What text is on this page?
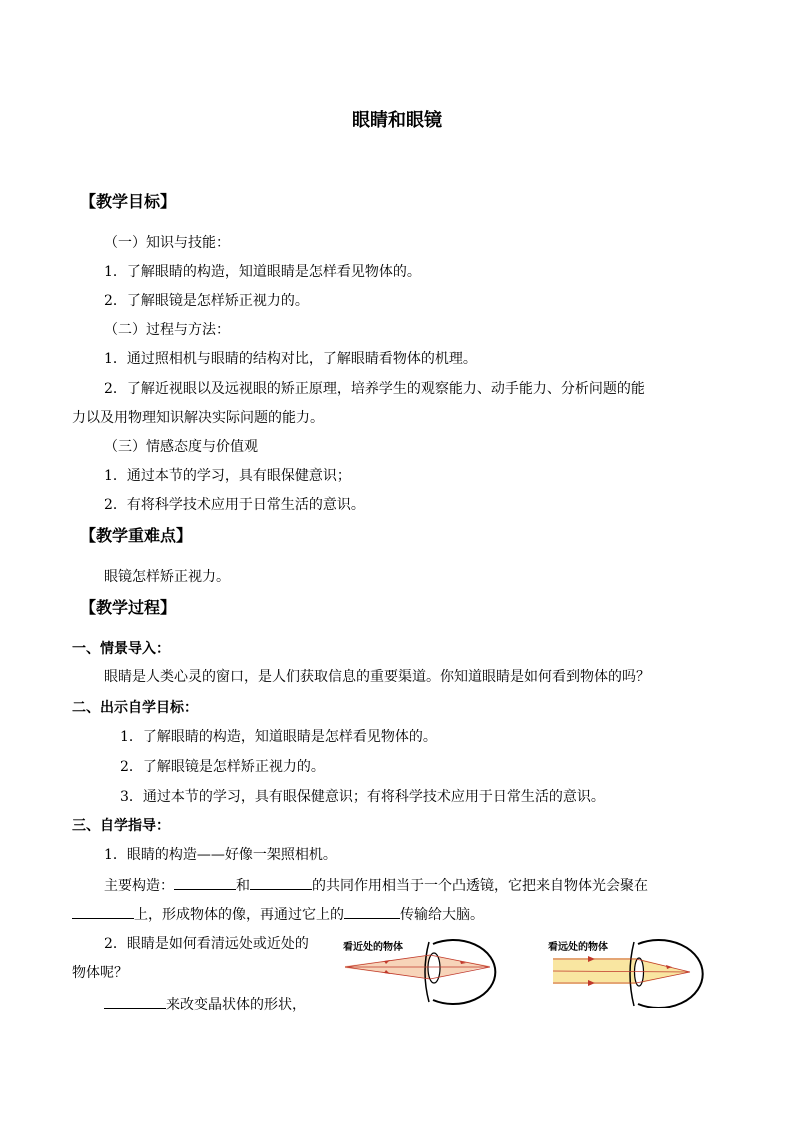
眼睛和眼镜
【教学目标】
（一）知识与技能：
1．了解眼睛的构造，知道眼睛是怎样看见物体的。
2．了解眼镜是怎样矫正视力的。
（二）过程与方法：
1．通过照相机与眼睛的结构对比，了解眼睛看物体的机理。
2．了解近视眼以及远视眼的矫正原理，培养学生的观察能力、动手能力、分析问题的能
力以及用物理知识解决实际问题的能力。
（三）情感态度与价值观
1．通过本节的学习，具有眼保健意识；
2．有将科学技术应用于日常生活的意识。
【教学重难点】
眼镜怎样矫正视力。
【教学过程】
一、情景导入：
眼睛是人类心灵的窗口，是人们获取信息的重要渠道。你知道眼睛是如何看到物体的吗？
二、出示自学目标：
1．了解眼睛的构造，知道眼睛是怎样看见物体的。
2．了解眼镜是怎样矫正视力的。
3．通过本节的学习，具有眼保健意识；有将科学技术应用于日常生活的意识。
三、自学指导：
1．眼睛的构造——好像一架照相机。
主要构造：	和	的共同作用相当于一个凸透镜，它把来自物体光会聚在
上，形成物体的像，再通过它上的	传输给大脑。
2．眼睛是如何看清远处或近处的
物体呢？
来改变晶状体的形状，
看近处的物体	看远处的物体
